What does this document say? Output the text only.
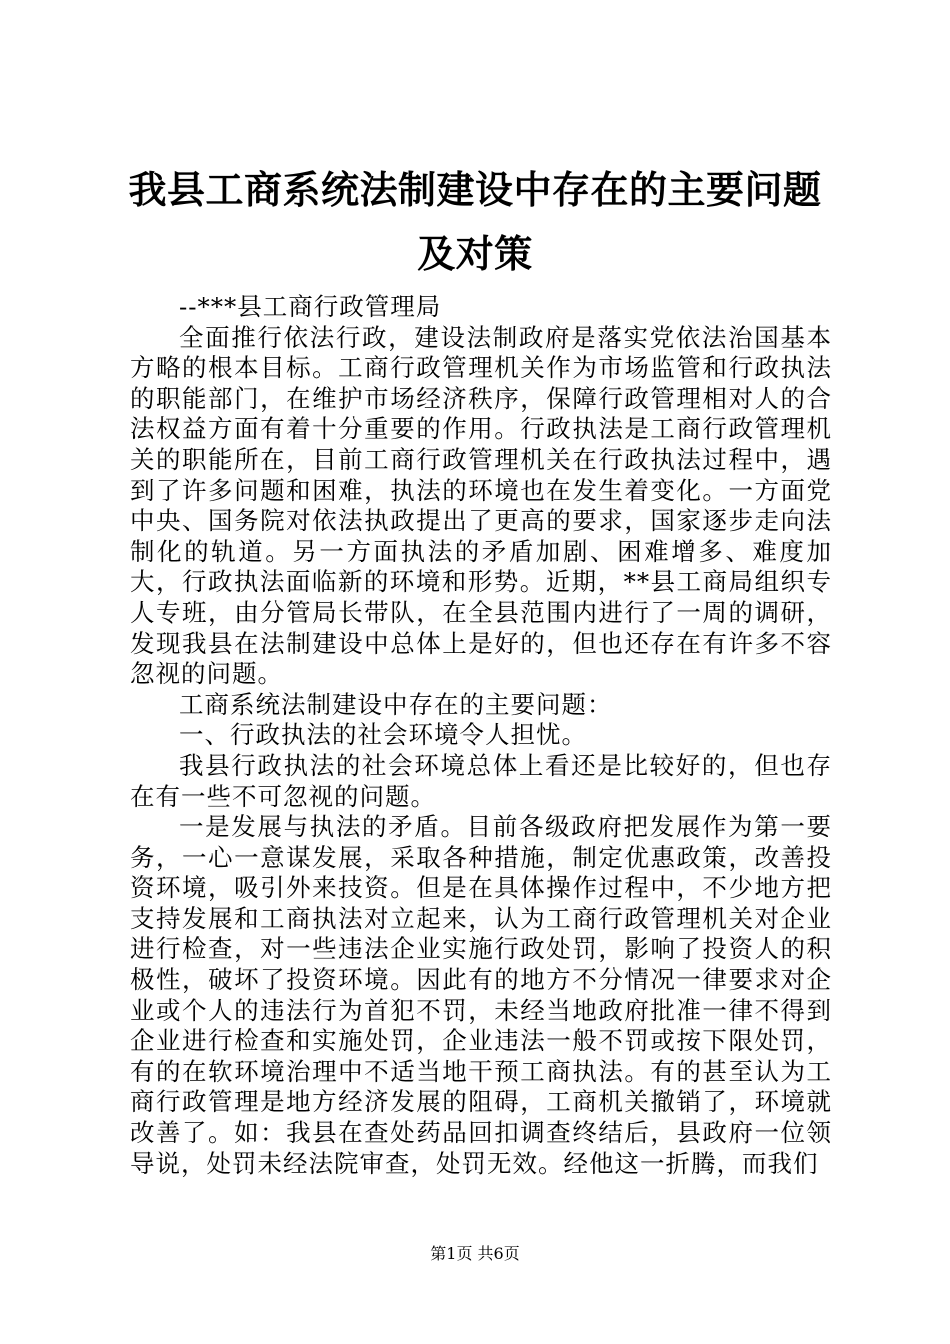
我县工商系统法制建设中存在的主要问题及对策

--***县工商行政管理局

全面推行依法行政，建设法制政府是落实党依法治国基本方略的根本目标。工商行政管理机关作为市场监管和行政执法的职能部门，在维护市场经济秩序，保障行政管理相对人的合法权益方面有着十分重要的作用。行政执法是工商行政管理机关的职能所在，目前工商行政管理机关在行政执法过程中，遇到了许多问题和困难，执法的环境也在发生着变化。一方面党中央、国务院对依法执政提出了更高的要求，国家逐步走向法制化的轨道。另一方面执法的矛盾加剧、困难增多、难度加大，行政执法面临新的环境和形势。近期，**县工商局组织专人专班，由分管局长带队，在全县范围内进行了一周的调研，发现我县在法制建设中总体上是好的，但也还存在有许多不容忽视的问题。

工商系统法制建设中存在的主要问题：

一、行政执法的社会环境令人担忧。

我县行政执法的社会环境总体上看还是比较好的，但也存在有一些不可忽视的问题。

一是发展与执法的矛盾。目前各级政府把发展作为第一要务，一心一意谋发展，采取各种措施，制定优惠政策，改善投资环境，吸引外来技资。但是在具体操作过程中，不少地方把支持发展和工商执法对立起来，认为工商行政管理机关对企业进行检查，对一些违法企业实施行政处罚，影响了投资人的积极性，破坏了投资环境。因此有的地方不分情况一律要求对企业或个人的违法行为首犯不罚，未经当地政府批准一律不得到企业进行检查和实施处罚，企业违法一般不罚或按下限处罚，有的在软环境治理中不适当地干预工商执法。有的甚至认为工商行政管理是地方经济发展的阻碍，工商机关撤销了，环境就改善了。如：我县在查处药品回扣调查终结后，县政府一位领导说，处罚未经法院审查，处罚无效。经他这一折腾，而我们

第1页 共6页
